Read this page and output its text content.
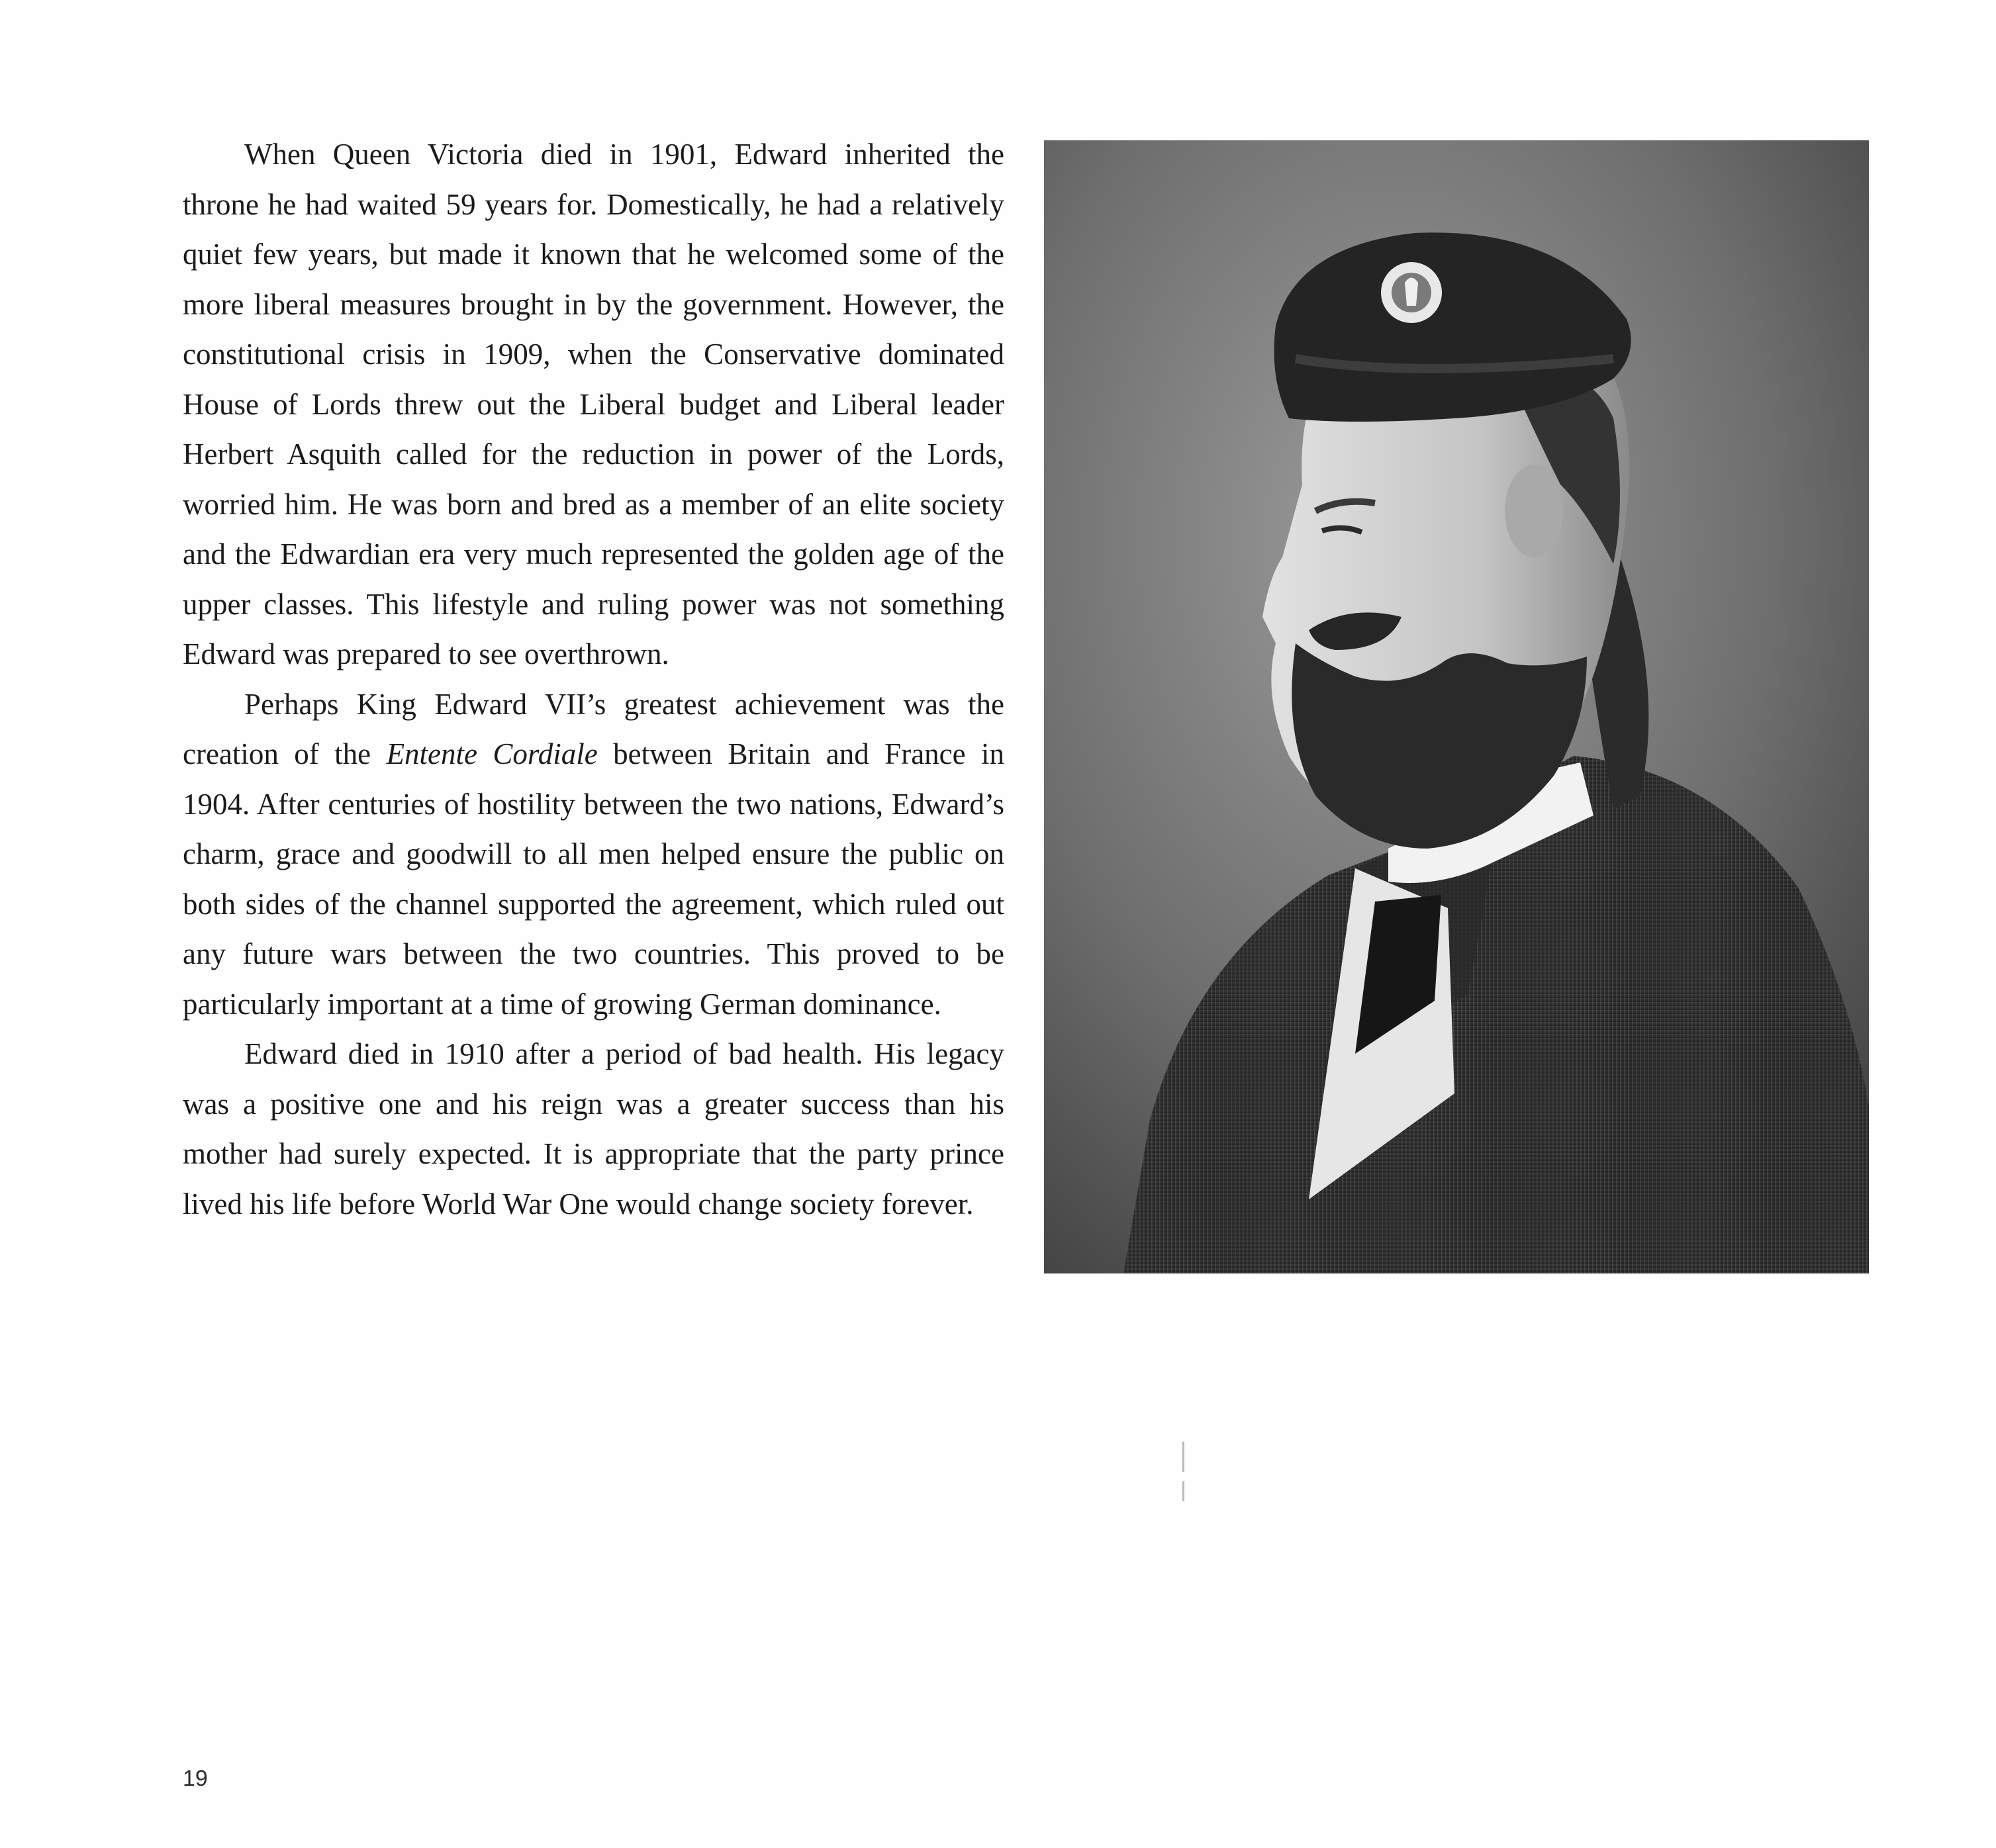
When Queen Victoria died in 1901, Edward inherited the throne he had waited 59 years for. Domestically, he had a relatively quiet few years, but made it known that he welcomed some of the more liberal measures brought in by the government. However, the constitutional crisis in 1909, when the Conservative dominated House of Lords threw out the Liberal budget and Liberal leader Herbert Asquith called for the reduction in power of the Lords, worried him. He was born and bred as a member of an elite society and the Edwardian era very much represented the golden age of the upper classes. This lifestyle and ruling power was not something Edward was prepared to see overthrown.

Perhaps King Edward VII’s greatest achievement was the creation of the Entente Cordiale between Britain and France in 1904. After centuries of hostility between the two nations, Edward’s charm, grace and goodwill to all men helped ensure the public on both sides of the channel supported the agreement, which ruled out any future wars between the two countries. This proved to be particularly important at a time of growing German dominance.

Edward died in 1910 after a period of bad health. His legacy was a positive one and his reign was a greater success than his mother had surely expected. It is appropriate that the party prince lived his life before World War One would change society forever.

19
